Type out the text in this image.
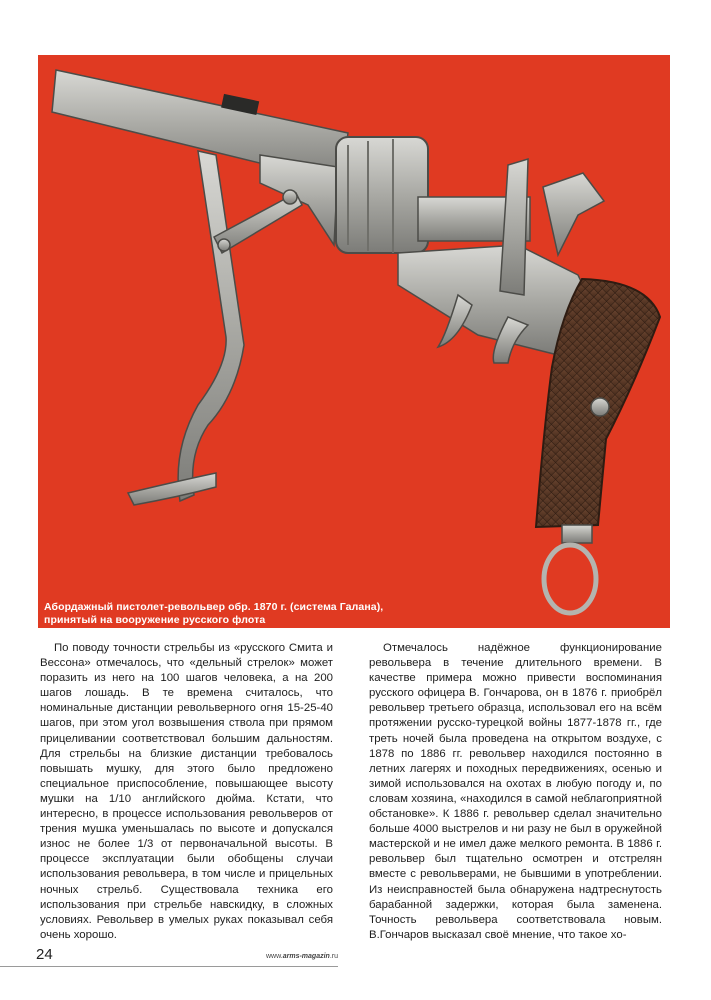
Абордажный пистолет-револьвер обр. 1870 г. (система Галана), принятый на вооружение русского флота

По поводу точности стрельбы из «русского Смита и Вессона» отмечалось, что «дельный стрелок» может поразить из него на 100 шагов человека, а на 200 шагов лошадь. В те времена считалось, что номинальные дистанции револьверного огня 15-25-40 шагов, при этом угол возвышения ствола при прямом прицеливании соответствовал большим дальностям. Для стрельбы на близкие дистанции требовалось повышать мушку, для этого было предложено специальное приспособление, повышающее высоту мушки на 1/10 английского дюйма. Кстати, что интересно, в процессе использования револьверов от трения мушка уменьшалась по высоте и допускался износ не более 1/3 от первоначальной высоты. В процессе эксплуатации были обобщены случаи использования револьвера, в том числе и прицельных ночных стрельб. Существовала техника его использования при стрельбе навскидку, в сложных условиях. Револьвер в умелых руках показывал себя очень хорошо.

Отмечалось надёжное функционирование револьвера в течение длительного времени. В качестве примера можно привести воспоминания русского офицера В. Гончарова, он в 1876 г. приобрёл револьвер третьего образца, использовал его на всём протяжении русско-турецкой войны 1877-1878 гг., где треть ночей была проведена на открытом воздухе, с 1878 по 1886 гг. револьвер находился постоянно в летних лагерях и походных передвижениях, осенью и зимой использовался на охотах в любую погоду и, по словам хозяина, «находился в самой неблагоприятной обстановке». К 1886 г. револьвер сделал значительно больше 4000 выстрелов и ни разу не был в оружейной мастерской и не имел даже мелкого ремонта. В 1886 г. револьвер был тщательно осмотрен и отстрелян вместе с револьверами, не бывшими в употреблении. Из неисправностей была обнаружена надтреснутость барабанной задержки, которая была заменена. Точность револьвера соответствовала новым. В.Гончаров высказал своё мнение, что такое хо-

24	www.arms-magazin.ru
